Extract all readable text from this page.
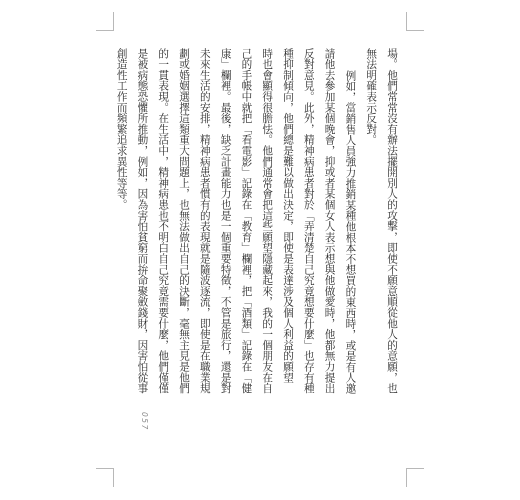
場。他們常常沒有辦法擺開別人的攻擊，即使不願意順從他人的意願，也
無法明確表示反對。
例如，當銷售人員強力推銷某種他根本不想買的東西時，或是有人邀
請他去參加某個晚會，抑或者某個女人表示想與他做愛時，他都無力提出
反對意見。此外，精神病患者對於「弄清楚自己究竟想要什麼」也存有種
種抑制傾向，他們總是難以做出決定，即使是表達涉及個人利益的願望
時也會顯得很膽怯。他們通常會把這些願望隱藏起來，我的一個朋友在自
己的手帳中就把「看電影」記錄在「教育」欄裡，把「酒類」記錄在「健
康」欄裡。最後，缺乏計畫能力也是一個重要特徵，不管是旅行，還是對
未來生活的安排，精神病患者慣有的表現就是隨波逐流，即使是在職業規
劃或婚姻選擇這類重大問題上，也無法做出自己的決斷，毫無主見是他們
的一貫表現。在生活中，精神病患也不明白自己究竟需要什麼，他們僅僅
是被病態恐懼所推動，例如，因為害怕貧窮而拚命聚斂錢財，因害怕從事
創造性工作而頻繁追求異性等等。
057
